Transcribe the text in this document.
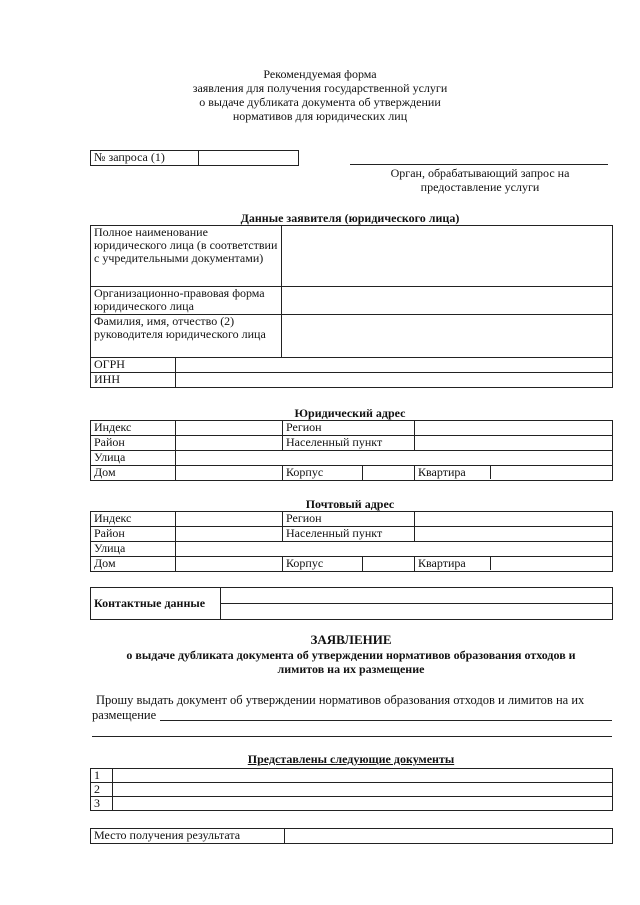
Рекомендуемая форма
заявления для получения государственной услуги
о выдаче дубликата документа об утверждении
нормативов для юридических лиц
№ запроса (1)	
Орган, обрабатывающий запрос на
предоставление услуги
Данные заявителя (юридического лица)
Полное наименование юридического лица (в соответствии с учредительными документами)		
Организационно-правовая форма юридического лица		
Фамилия, имя, отчество (2) руководителя юридического лица		
ОГРН		
ИНН		
Юридический адрес
Индекс		Регион		
Район		Населенный пункт		
Улица				
Дом		Корпус		Квартира
Почтовый адрес
Индекс		Регион		
Район		Населенный пункт		
Улица				
Дом		Корпус		Квартира
Контактные данные	
ЗАЯВЛЕНИЕ
о выдаче дубликата документа об утверждении нормативов образования отходов и
лимитов на их размещение
Прошу выдать документ об утверждении нормативов образования отходов и лимитов на их
размещение
Представлены следующие документы
1	
2	
3	
Место получения результата	
